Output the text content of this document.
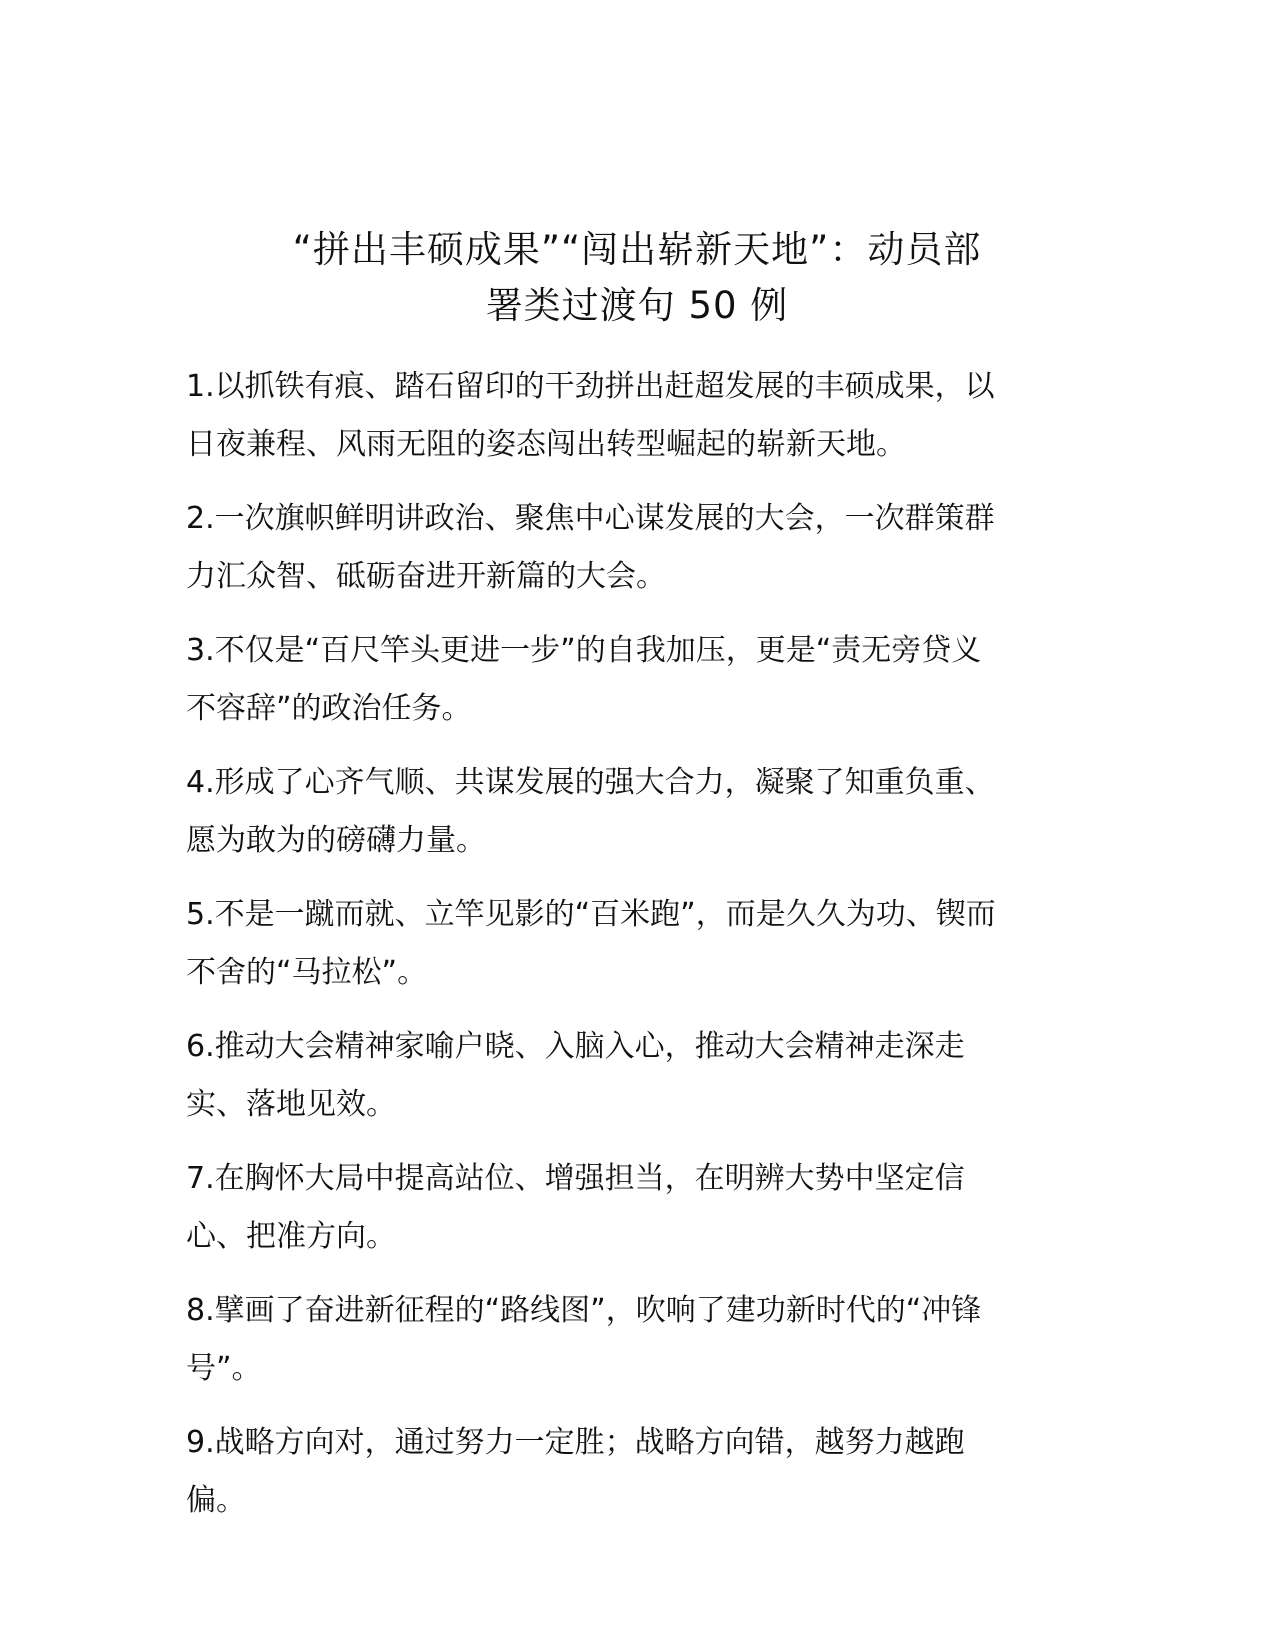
“拼出丰硕成果”“闯出崭新天地”：动员部
署类过渡句 50 例
1.以抓铁有痕、踏石留印的干劲拼出赶超发展的丰硕成果，以
日夜兼程、风雨无阻的姿态闯出转型崛起的崭新天地。
2.一次旗帜鲜明讲政治、聚焦中心谋发展的大会，一次群策群
力汇众智、砥砺奋进开新篇的大会。
3.不仅是“百尺竿头更进一步”的自我加压，更是“责无旁贷义
不容辞”的政治任务。
4.形成了心齐气顺、共谋发展的强大合力，凝聚了知重负重、
愿为敢为的磅礴力量。
5.不是一蹴而就、立竿见影的“百米跑”，而是久久为功、锲而
不舍的“马拉松”。
6.推动大会精神家喻户晓、入脑入心，推动大会精神走深走
实、落地见效。
7.在胸怀大局中提高站位、增强担当，在明辨大势中坚定信
心、把准方向。
8.擘画了奋进新征程的“路线图”，吹响了建功新时代的“冲锋
号”。
9.战略方向对，通过努力一定胜；战略方向错，越努力越跑
偏。
